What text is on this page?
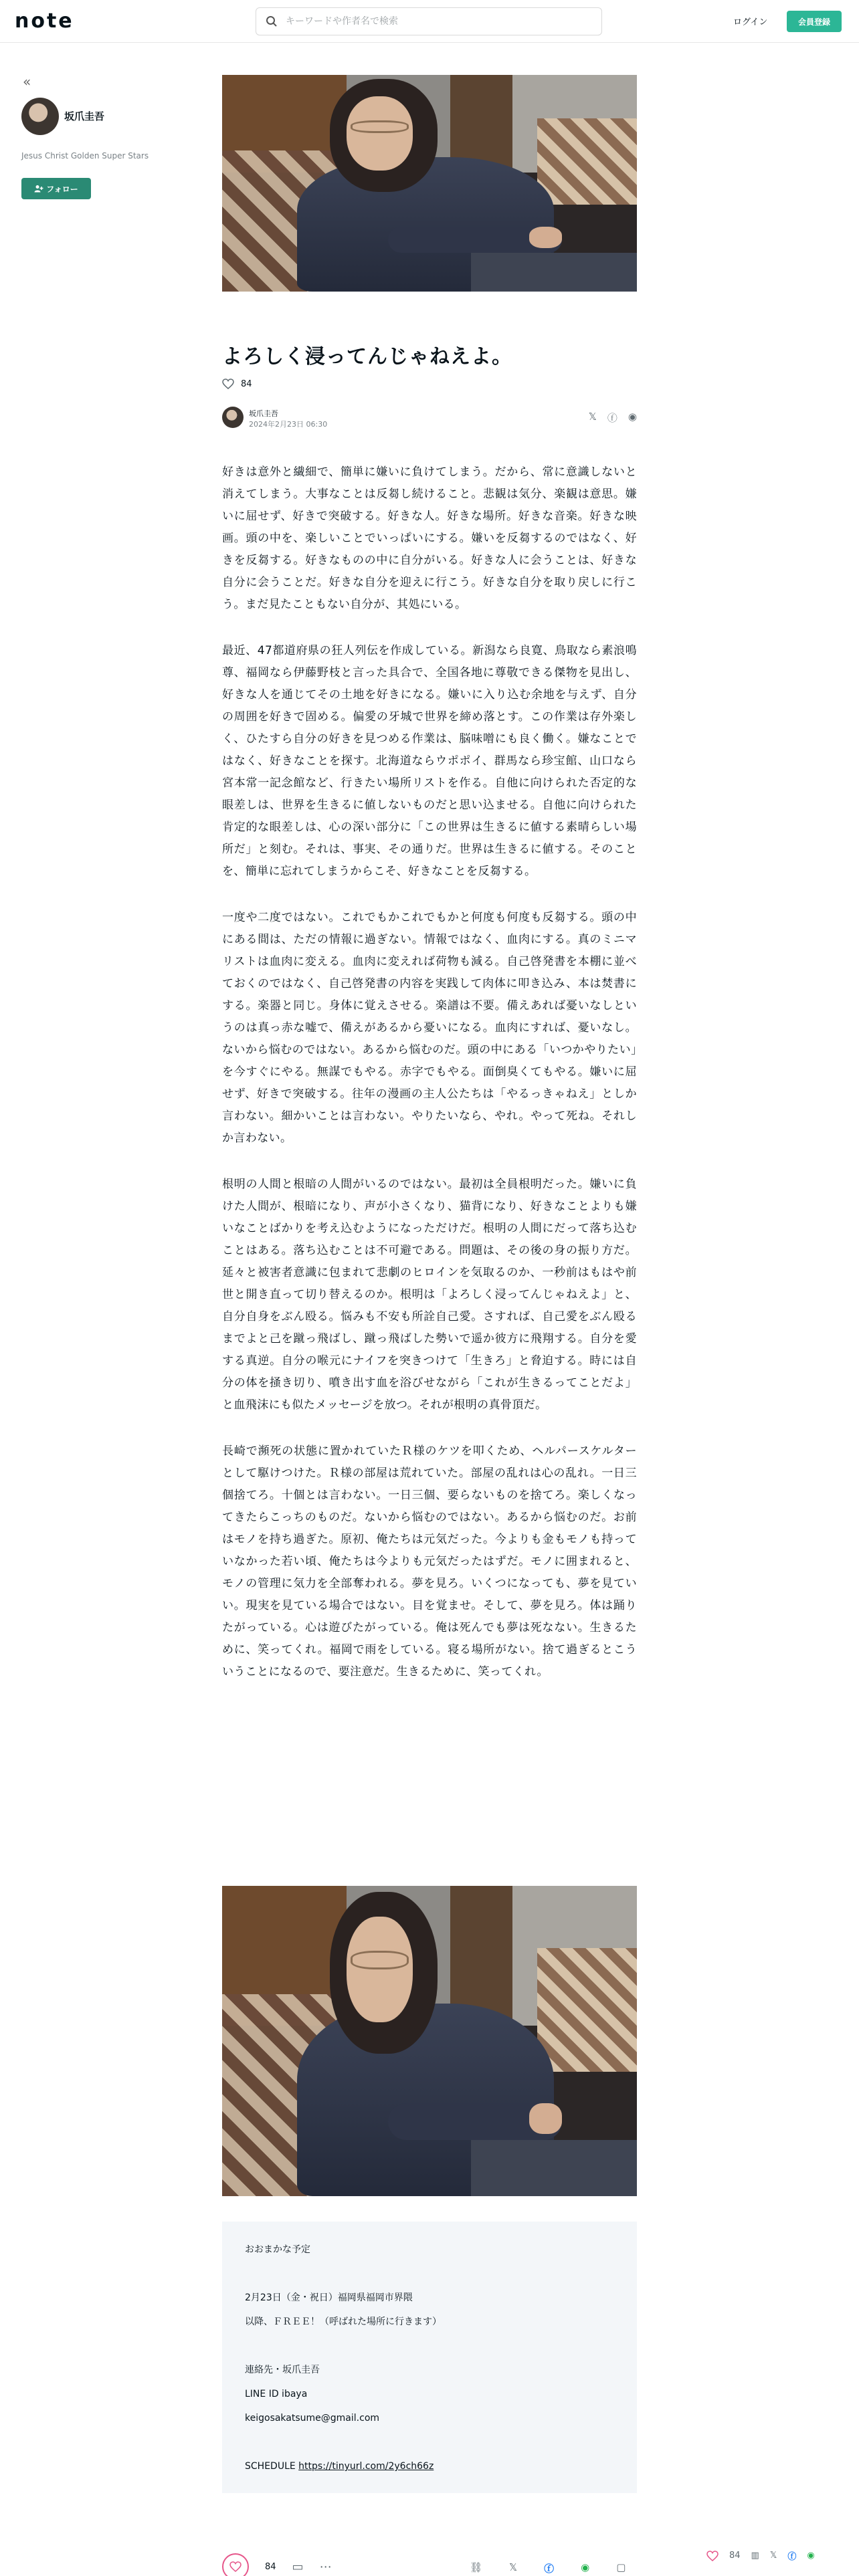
note
キーワードや作者名で検索	ログイン	会員登録
«
坂爪圭吾
Jesus Christ Golden Super Stars
フォロー
よろしく浸ってんじゃねえよ。
84
坂爪圭吾
2024年2月23日 06:30
𝕏 ⓕ ◉

好きは意外と繊細で、簡単に嫌いに負けてしまう。だから、常に意識しないと消えてしまう。大事なことは反芻し続けること。悲観は気分、楽観は意思。嫌いに屈せず、好きで突破する。好きな人。好きな場所。好きな音楽。好きな映画。頭の中を、楽しいことでいっぱいにする。嫌いを反芻するのではなく、好きを反芻する。好きなものの中に自分がいる。好きな人に会うことは、好きな自分に会うことだ。好きな自分を迎えに行こう。好きな自分を取り戻しに行こう。まだ見たこともない自分が、其処にいる。

最近、47都道府県の狂人列伝を作成している。新潟なら良寛、鳥取なら素浪鳴尊、福岡なら伊藤野枝と言った具合で、全国各地に尊敬できる傑物を見出し、好きな人を通じてその土地を好きになる。嫌いに入り込む余地を与えず、自分の周囲を好きで固める。偏愛の牙城で世界を締め落とす。この作業は存外楽しく、ひたすら自分の好きを見つめる作業は、脳味噌にも良く働く。嫌なことではなく、好きなことを探す。北海道ならウポポイ、群馬なら珍宝館、山口なら宮本常一記念館など、行きたい場所リストを作る。自他に向けられた否定的な眼差しは、世界を生きるに値しないものだと思い込ませる。自他に向けられた肯定的な眼差しは、心の深い部分に「この世界は生きるに値する素晴らしい場所だ」と刻む。それは、事実、その通りだ。世界は生きるに値する。そのことを、簡単に忘れてしまうからこそ、好きなことを反芻する。

一度や二度ではない。これでもかこれでもかと何度も何度も反芻する。頭の中にある間は、ただの情報に過ぎない。情報ではなく、血肉にする。真のミニマリストは血肉に変える。血肉に変えれば荷物も減る。自己啓発書を本棚に並べておくのではなく、自己啓発書の内容を実践して肉体に叩き込み、本は焚書にする。楽器と同じ。身体に覚えさせる。楽譜は不要。備えあれば憂いなしというのは真っ赤な嘘で、備えがあるから憂いになる。血肉にすれば、憂いなし。ないから悩むのではない。あるから悩むのだ。頭の中にある「いつかやりたい」を今すぐにやる。無謀でもやる。赤字でもやる。面倒臭くてもやる。嫌いに屈せず、好きで突破する。往年の漫画の主人公たちは「やるっきゃねえ」としか言わない。細かいことは言わない。やりたいなら、やれ。やって死ね。それしか言わない。

根明の人間と根暗の人間がいるのではない。最初は全員根明だった。嫌いに負けた人間が、根暗になり、声が小さくなり、猫背になり、好きなことよりも嫌いなことばかりを考え込むようになっただけだ。根明の人間にだって落ち込むことはある。落ち込むことは不可避である。問題は、その後の身の振り方だ。延々と被害者意識に包まれて悲劇のヒロインを気取るのか、一秒前はもはや前世と開き直って切り替えるのか。根明は「よろしく浸ってんじゃねえよ」と、自分自身をぶん殴る。悩みも不安も所詮自己愛。さすれば、自己愛をぶん殴るまでよと己を蹴っ飛ばし、蹴っ飛ばした勢いで遥か彼方に飛翔する。自分を愛する真逆。自分の喉元にナイフを突きつけて「生きろ」と脅迫する。時には自分の体を掻き切り、噴き出す血を浴びせながら「これが生きるってことだよ」と血飛沫にも似たメッセージを放つ。それが根明の真骨頂だ。

長崎で瀕死の状態に置かれていたＲ様のケツを叩くため、ヘルパースケルターとして駆けつけた。Ｒ様の部屋は荒れていた。部屋の乱れは心の乱れ。一日三個捨てろ。十個とは言わない。一日三個、要らないものを捨てろ。楽しくなってきたらこっちのものだ。ないから悩むのではない。あるから悩むのだ。お前はモノを持ち過ぎた。原初、俺たちは元気だった。今よりも金もモノも持っていなかった若い頃、俺たちは今よりも元気だったはずだ。モノに囲まれると、モノの管理に気力を全部奪われる。夢を見ろ。いくつになっても、夢を見ていい。現実を見ている場合ではない。目を覚ませ。そして、夢を見ろ。体は踊りたがっている。心は遊びたがっている。俺は死んでも夢は死なない。生きるために、笑ってくれ。福岡で雨をしている。寝る場所がない。捨て過ぎるとこういうことになるので、要注意だ。生きるために、笑ってくれ。

おおまかな予定
2月23日（金・祝日）福岡県福岡市界隈
以降、ＦＲＥＥ！（呼ばれた場所に行きます）
連絡先・坂爪圭吾
LINE ID ibaya
keigosakatsume@gmail.com
SCHEDULE https://tinyurl.com/2y6ch66z
84 ▭ ⋯	⛓	𝕏	ⓕ	◉	▢
84 ▥ 𝕏 ⓕ ◉
